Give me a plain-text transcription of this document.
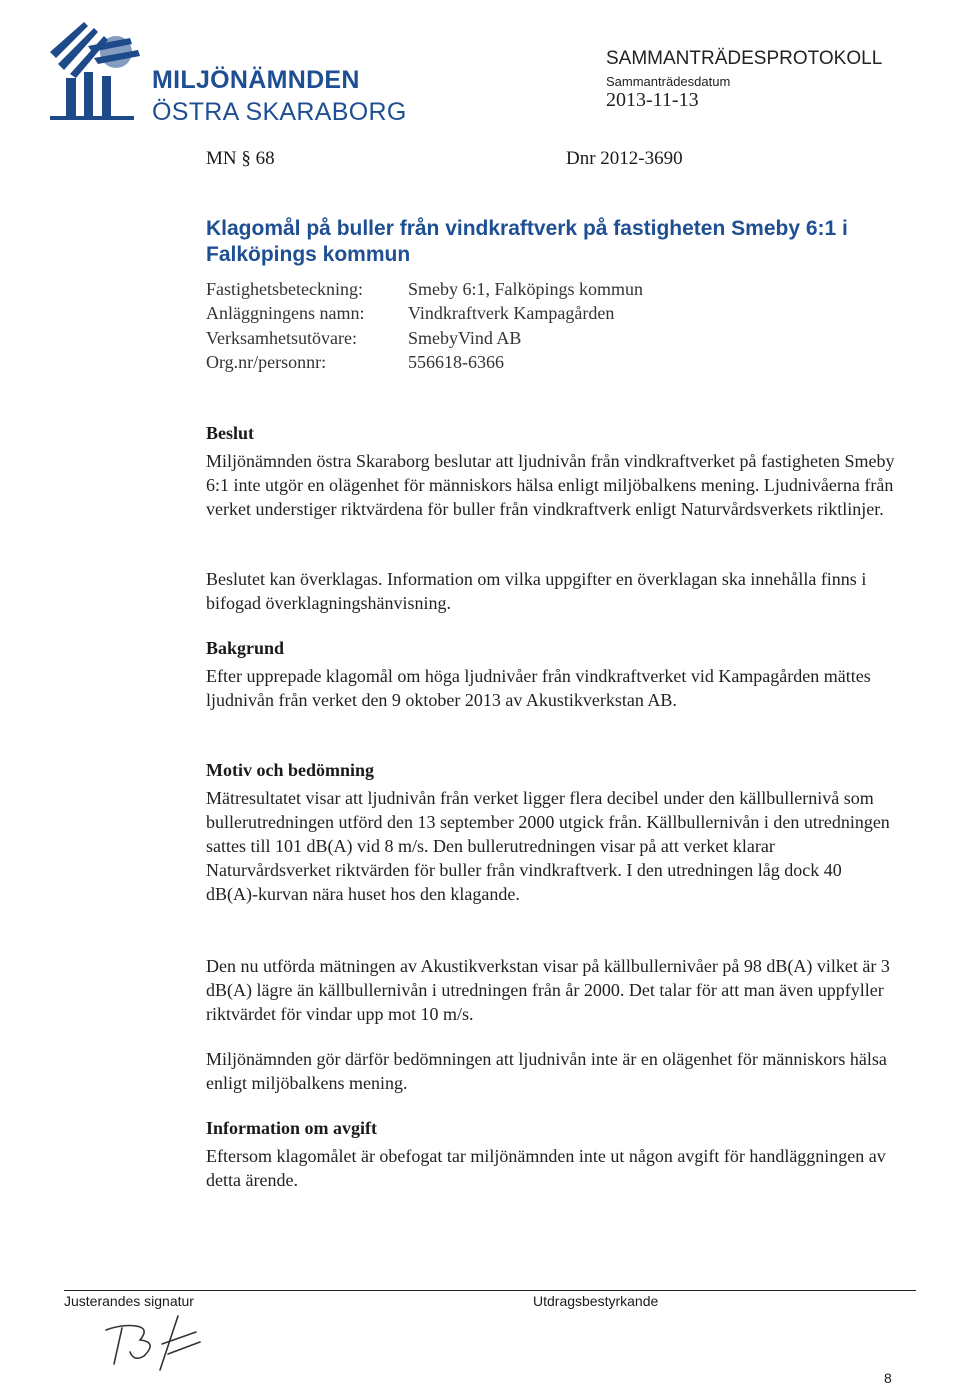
MILJÖNÄMNDEN
ÖSTRA SKARABORG
SAMMANTRÄDESPROTOKOLL
Sammanträdesdatum
2013-11-13
MN § 68	Dnr 2012-3690
Klagomål på buller från vindkraftverk på fastigheten Smeby 6:1 i Falköpings kommun
Fastighetsbeteckning:	Smeby 6:1, Falköpings kommun
Anläggningens namn: Vindkraftverk Kampagården
Verksamhetsutövare:	SmebyVind AB
Org.nr/personnr:	556618-6366
Beslut
Miljönämnden östra Skaraborg beslutar att ljudnivån från vindkraftverket på fastigheten Smeby 6:1 inte utgör en olägenhet för människors hälsa enligt miljöbalkens mening. Ljudnivåerna från verket understiger riktvärdena för buller från vindkraftverk enligt Naturvårdsverkets riktlinjer.
Beslutet kan överklagas. Information om vilka uppgifter en överklagan ska innehålla finns i bifogad överklagningshänvisning.
Bakgrund
Efter upprepade klagomål om höga ljudnivåer från vindkraftverket vid Kampagården mättes ljudnivån från verket den 9 oktober 2013 av Akustikverkstan AB.
Motiv och bedömning
Mätresultatet visar att ljudnivån från verket ligger flera decibel under den källbullernivå som bullerutredningen utförd den 13 september 2000 utgick från. Källbullernivån i den utredningen sattes till 101 dB(A) vid 8 m/s. Den bullerutredningen visar på att verket klarar Naturvårdsverket riktvärden för buller från vindkraftverk. I den utredningen låg dock 40 dB(A)-kurvan nära huset hos den klagande.
Den nu utförda mätningen av Akustikverkstan visar på källbullernivåer på 98 dB(A) vilket är 3 dB(A) lägre än källbullernivån i utredningen från år 2000. Det talar för att man även uppfyller riktvärdet för vindar upp mot 10 m/s.
Miljönämnden gör därför bedömningen att ljudnivån inte är en olägenhet för människors hälsa enligt miljöbalkens mening.
Information om avgift
Eftersom klagomålet är obefogat tar miljönämnden inte ut någon avgift för handläggningen av detta ärende.
Justerandes signatur	Utdragsbestyrkande
8
